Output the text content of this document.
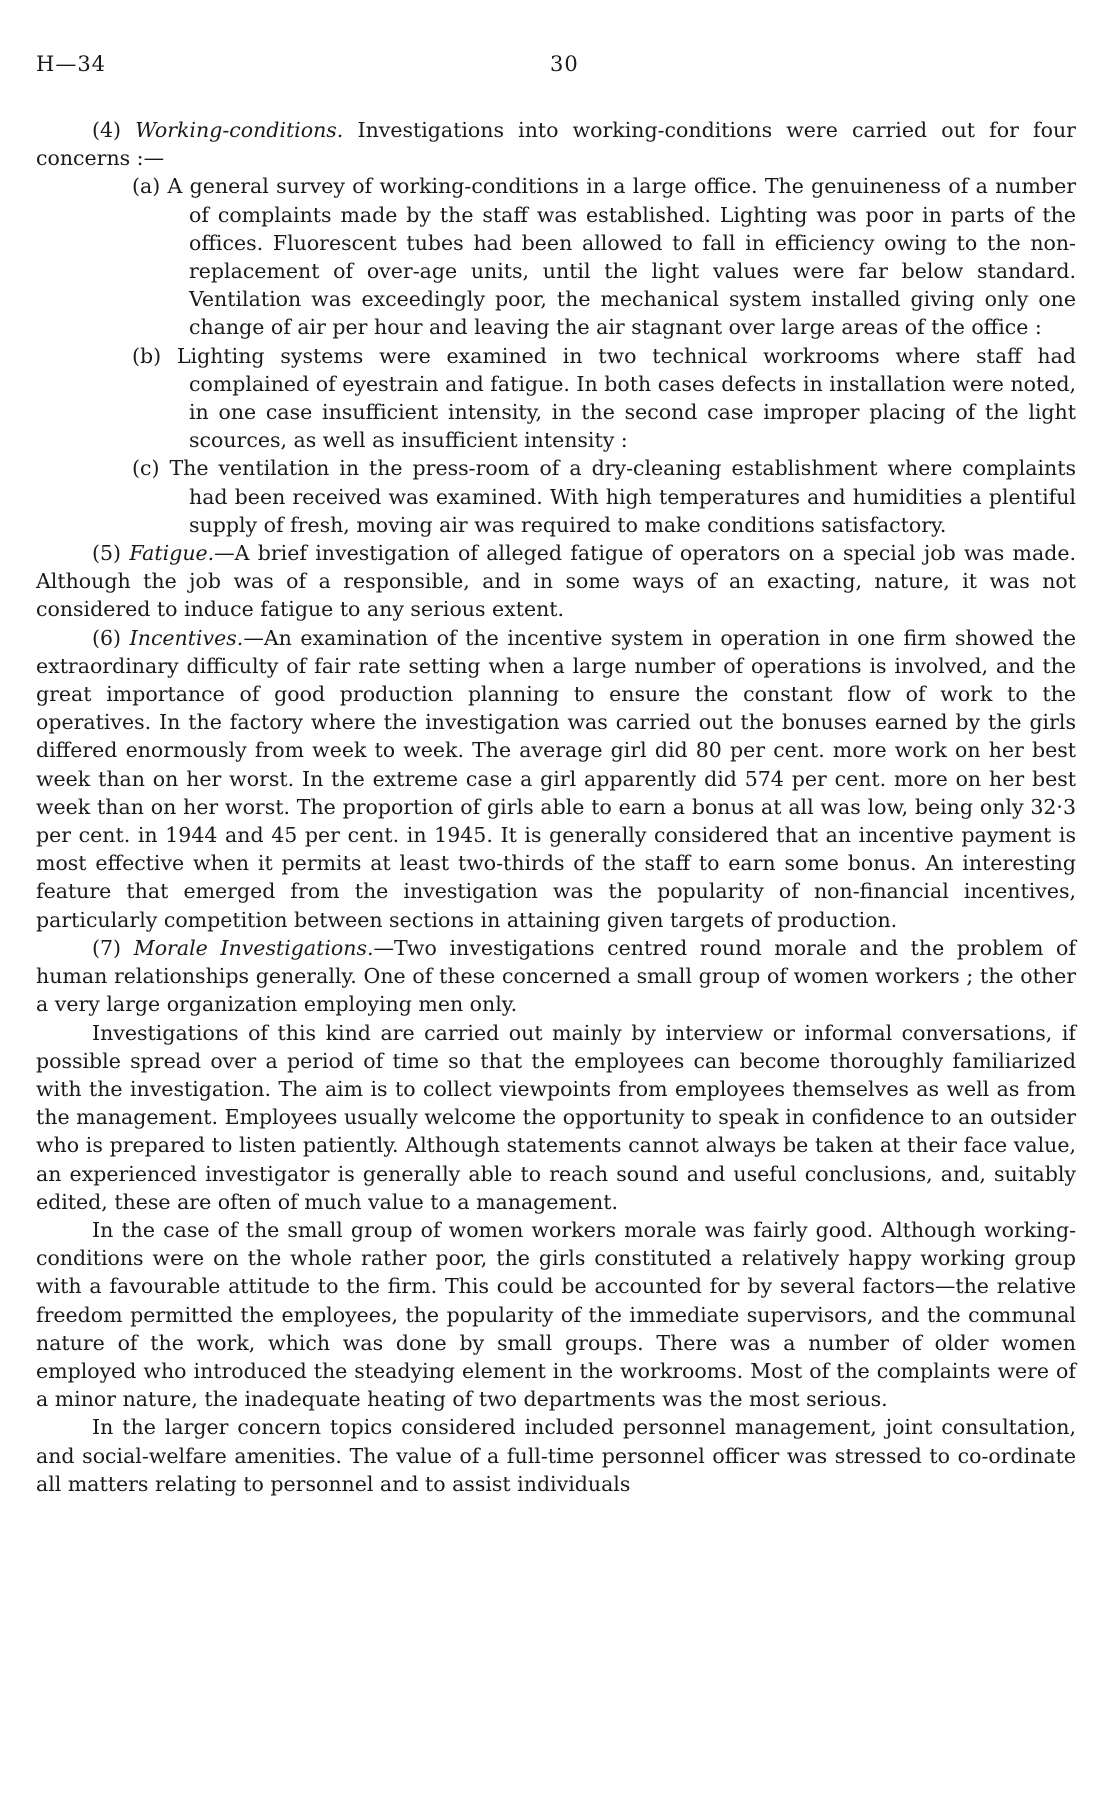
H—34	30

(4) Working-conditions. Investigations into working-conditions were carried out for four concerns :—

(a) A general survey of working-conditions in a large office. The genuineness of a number of complaints made by the staff was established. Lighting was poor in parts of the offices. Fluorescent tubes had been allowed to fall in efficiency owing to the non-replacement of over-age units, until the light values were far below standard. Ventilation was exceedingly poor, the mechanical system installed giving only one change of air per hour and leaving the air stagnant over large areas of the office :

(b) Lighting systems were examined in two technical workrooms where staff had complained of eyestrain and fatigue. In both cases defects in installation were noted, in one case insufficient intensity, in the second case improper placing of the light scources, as well as insufficient intensity :

(c) The ventilation in the press-room of a dry-cleaning establishment where complaints had been received was examined. With high temperatures and humidities a plentiful supply of fresh, moving air was required to make conditions satisfactory.

(5) Fatigue.—A brief investigation of alleged fatigue of operators on a special job was made. Although the job was of a responsible, and in some ways of an exacting, nature, it was not considered to induce fatigue to any serious extent.

(6) Incentives.—An examination of the incentive system in operation in one firm showed the extraordinary difficulty of fair rate setting when a large number of operations is involved, and the great importance of good production planning to ensure the constant flow of work to the operatives. In the factory where the investigation was carried out the bonuses earned by the girls differed enormously from week to week. The average girl did 80 per cent. more work on her best week than on her worst. In the extreme case a girl apparently did 574 per cent. more on her best week than on her worst. The proportion of girls able to earn a bonus at all was low, being only 32·3 per cent. in 1944 and 45 per cent. in 1945. It is generally considered that an incentive payment is most effective when it permits at least two-thirds of the staff to earn some bonus. An interesting feature that emerged from the investigation was the popularity of non-financial incentives, particularly competition between sections in attaining given targets of production.

(7) Morale Investigations.—Two investigations centred round morale and the problem of human relationships generally. One of these concerned a small group of women workers ; the other a very large organization employing men only.

Investigations of this kind are carried out mainly by interview or informal conversations, if possible spread over a period of time so that the employees can become thoroughly familiarized with the investigation. The aim is to collect viewpoints from employees themselves as well as from the management. Employees usually welcome the opportunity to speak in confidence to an outsider who is prepared to listen patiently. Although statements cannot always be taken at their face value, an experienced investigator is generally able to reach sound and useful conclusions, and, suitably edited, these are often of much value to a management.

In the case of the small group of women workers morale was fairly good. Although working-conditions were on the whole rather poor, the girls constituted a relatively happy working group with a favourable attitude to the firm. This could be accounted for by several factors—the relative freedom permitted the employees, the popularity of the immediate supervisors, and the communal nature of the work, which was done by small groups. There was a number of older women employed who introduced the steadying element in the workrooms. Most of the complaints were of a minor nature, the inadequate heating of two departments was the most serious.

In the larger concern topics considered included personnel management, joint consultation, and social-welfare amenities. The value of a full-time personnel officer was stressed to co-ordinate all matters relating to personnel and to assist individuals
